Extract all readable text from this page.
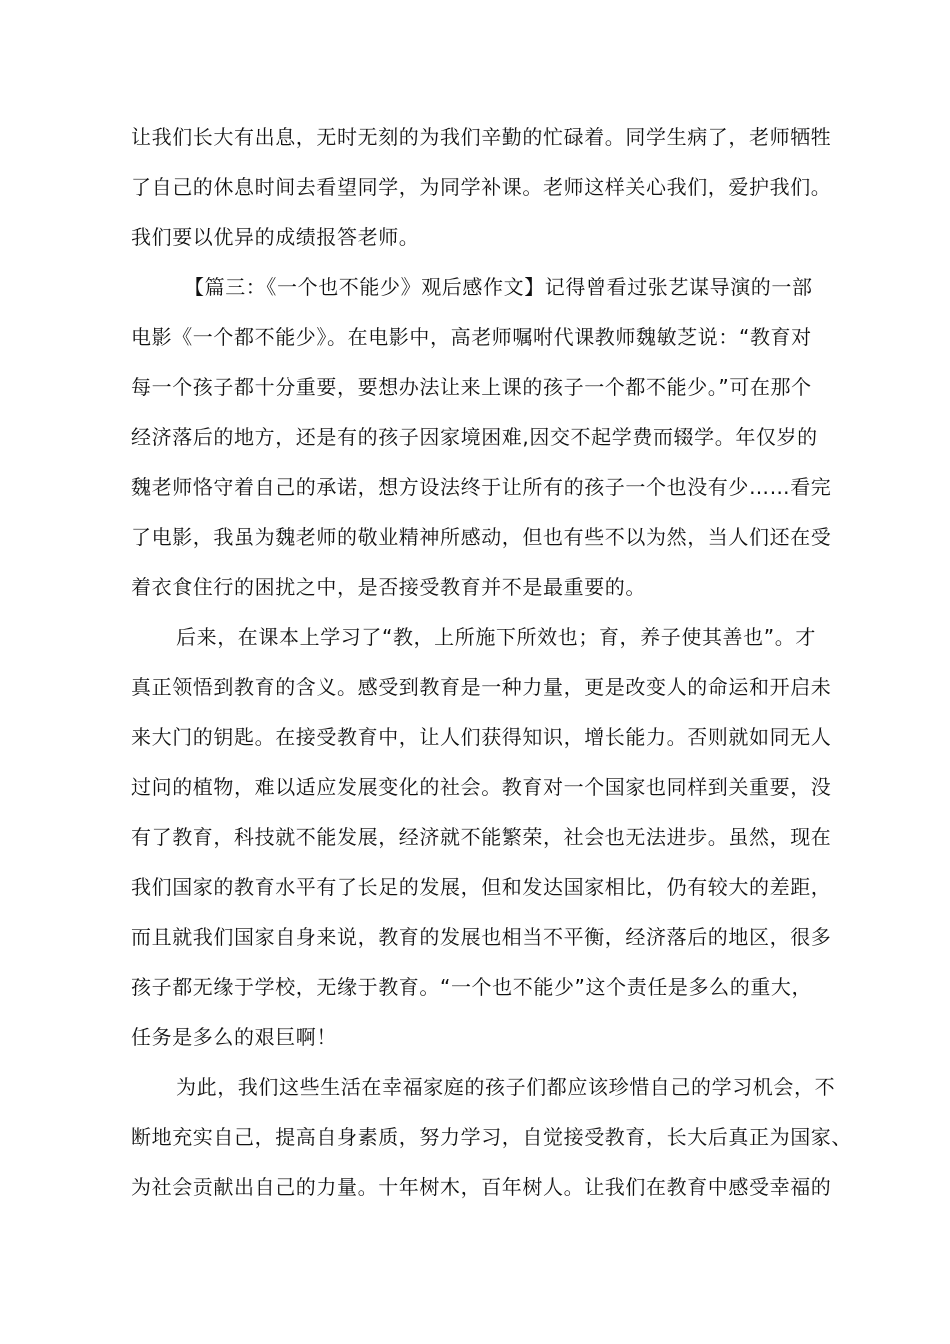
让我们长大有出息，无时无刻的为我们辛勤的忙碌着。同学生病了，老师牺牲
了自己的休息时间去看望同学，为同学补课。老师这样关心我们，爱护我们。
我们要以优异的成绩报答老师。
【篇三：《一个也不能少》观后感作文】记得曾看过张艺谋导演的一部
电影《一个都不能少》。在电影中，高老师嘱咐代课教师魏敏芝说：“教育对
每一个孩子都十分重要，要想办法让来上课的孩子一个都不能少。”可在那个
经济落后的地方，还是有的孩子因家境困难,因交不起学费而辍学。年仅岁的
魏老师恪守着自己的承诺，想方设法终于让所有的孩子一个也没有少……看完
了电影，我虽为魏老师的敬业精神所感动，但也有些不以为然，当人们还在受
着衣食住行的困扰之中，是否接受教育并不是最重要的。
后来，在课本上学习了“教，上所施下所效也；育，养子使其善也”。才
真正领悟到教育的含义。感受到教育是一种力量，更是改变人的命运和开启未
来大门的钥匙。在接受教育中，让人们获得知识，增长能力。否则就如同无人
过问的植物，难以适应发展变化的社会。教育对一个国家也同样到关重要，没
有了教育，科技就不能发展，经济就不能繁荣，社会也无法进步。虽然，现在
我们国家的教育水平有了长足的发展，但和发达国家相比，仍有较大的差距，
而且就我们国家自身来说，教育的发展也相当不平衡，经济落后的地区，很多
孩子都无缘于学校，无缘于教育。“一个也不能少”这个责任是多么的重大，
任务是多么的艰巨啊！
为此，我们这些生活在幸福家庭的孩子们都应该珍惜自己的学习机会，不
断地充实自己，提高自身素质，努力学习，自觉接受教育，长大后真正为国家、
为社会贡献出自己的力量。十年树木，百年树人。让我们在教育中感受幸福的
